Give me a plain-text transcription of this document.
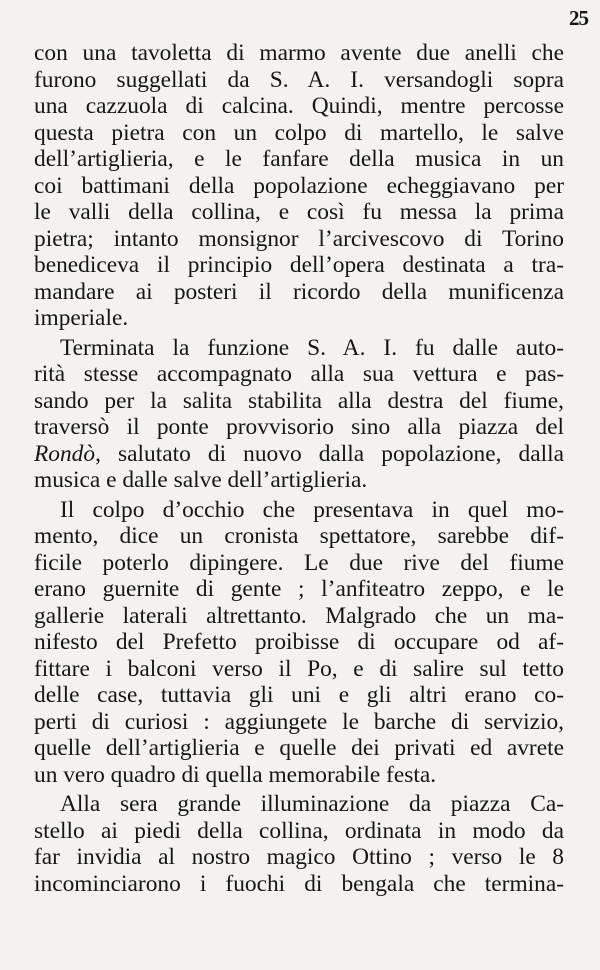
25
con una tavoletta di marmo avente due anelli che
furono suggellati da S. A. I. versandogli sopra
una cazzuola di calcina. Quindi, mentre percosse
questa pietra con un colpo di martello, le salve
dell’artiglieria, e le fanfare della musica in un
coi battimani della popolazione echeggiavano per
le valli della collina, e così fu messa la prima
pietra; intanto monsignor l’arcivescovo di Torino
benediceva il principio dell’opera destinata a tra-
mandare ai posteri il ricordo della munificenza
imperiale.
Terminata la funzione S. A. I. fu dalle auto-
rità stesse accompagnato alla sua vettura e pas-
sando per la salita stabilita alla destra del fiume,
traversò il ponte provvisorio sino alla piazza del
Rondò, salutato di nuovo dalla popolazione, dalla
musica e dalle salve dell’artiglieria.
Il colpo d’occhio che presentava in quel mo-
mento, dice un cronista spettatore, sarebbe dif-
ficile poterlo dipingere. Le due rive del fiume
erano guernite di gente ; l’anfiteatro zeppo, e le
gallerie laterali altrettanto. Malgrado che un ma-
nifesto del Prefetto proibisse di occupare od af-
fittare i balconi verso il Po, e di salire sul tetto
delle case, tuttavia gli uni e gli altri erano co-
perti di curiosi : aggiungete le barche di servizio,
quelle dell’artiglieria e quelle dei privati ed avrete
un vero quadro di quella memorabile festa.
Alla sera grande illuminazione da piazza Ca-
stello ai piedi della collina, ordinata in modo da
far invidia al nostro magico Ottino ; verso le 8
incominciarono i fuochi di bengala che termina-
